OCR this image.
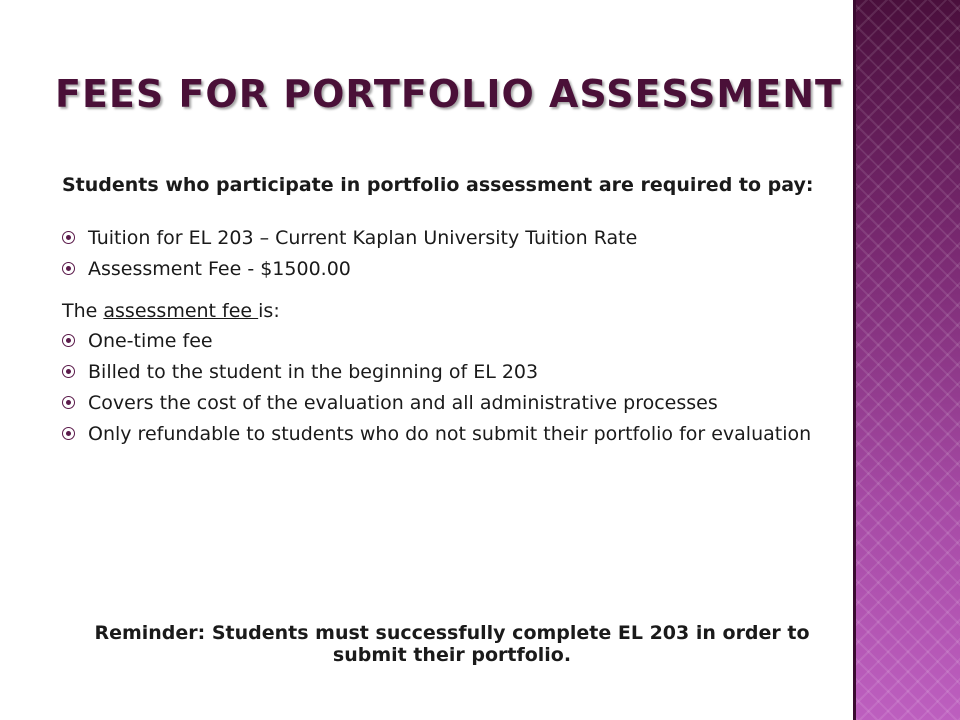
FEES FOR PORTFOLIO ASSESSMENT

Students who participate in portfolio assessment are required to pay:

Tuition for EL 203 – Current Kaplan University Tuition Rate
Assessment Fee - $1500.00

The assessment fee is:

One-time fee
Billed to the student in the beginning of EL 203
Covers the cost of the evaluation and all administrative processes
Only refundable to students who do not submit their portfolio for evaluation
Reminder: Students must successfully complete EL 203 in order to submit their portfolio.
